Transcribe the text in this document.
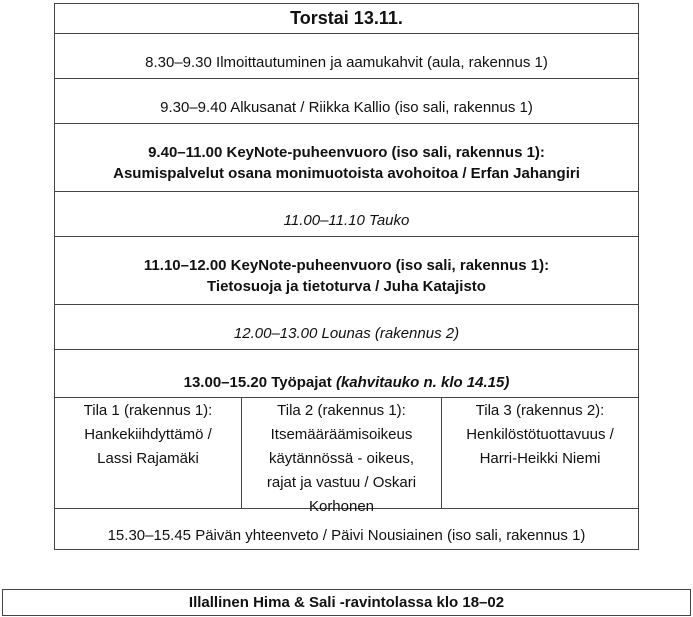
Torstai 13.11.
8.30–9.30 Ilmoittautuminen ja aamukahvit (aula, rakennus 1)
9.30–9.40 Alkusanat / Riikka Kallio (iso sali, rakennus 1)
9.40–11.00 KeyNote-puheenvuoro (iso sali, rakennus 1):
Asumispalvelut osana monimuotoista avohoitoa / Erfan Jahangiri
11.00–11.10 Tauko
11.10–12.00 KeyNote-puheenvuoro (iso sali, rakennus 1):
Tietosuoja ja tietoturva / Juha Katajisto
12.00–13.00 Lounas (rakennus 2)
13.00–15.20 Työpajat (kahvitauko n. klo 14.15)
Tila 1 (rakennus 1):
Hankekiihdyttämö /
Lassi Rajamäki
Tila 2 (rakennus 1):
Itsemääräämisoikeus
käytännössä - oikeus,
rajat ja vastuu / Oskari
Korhonen
Tila 3 (rakennus 2):
Henkilöstötuottavuus /
Harri-Heikki Niemi
15.30–15.45 Päivän yhteenveto / Päivi Nousiainen (iso sali, rakennus 1)
Illallinen Hima & Sali -ravintolassa klo 18–02
